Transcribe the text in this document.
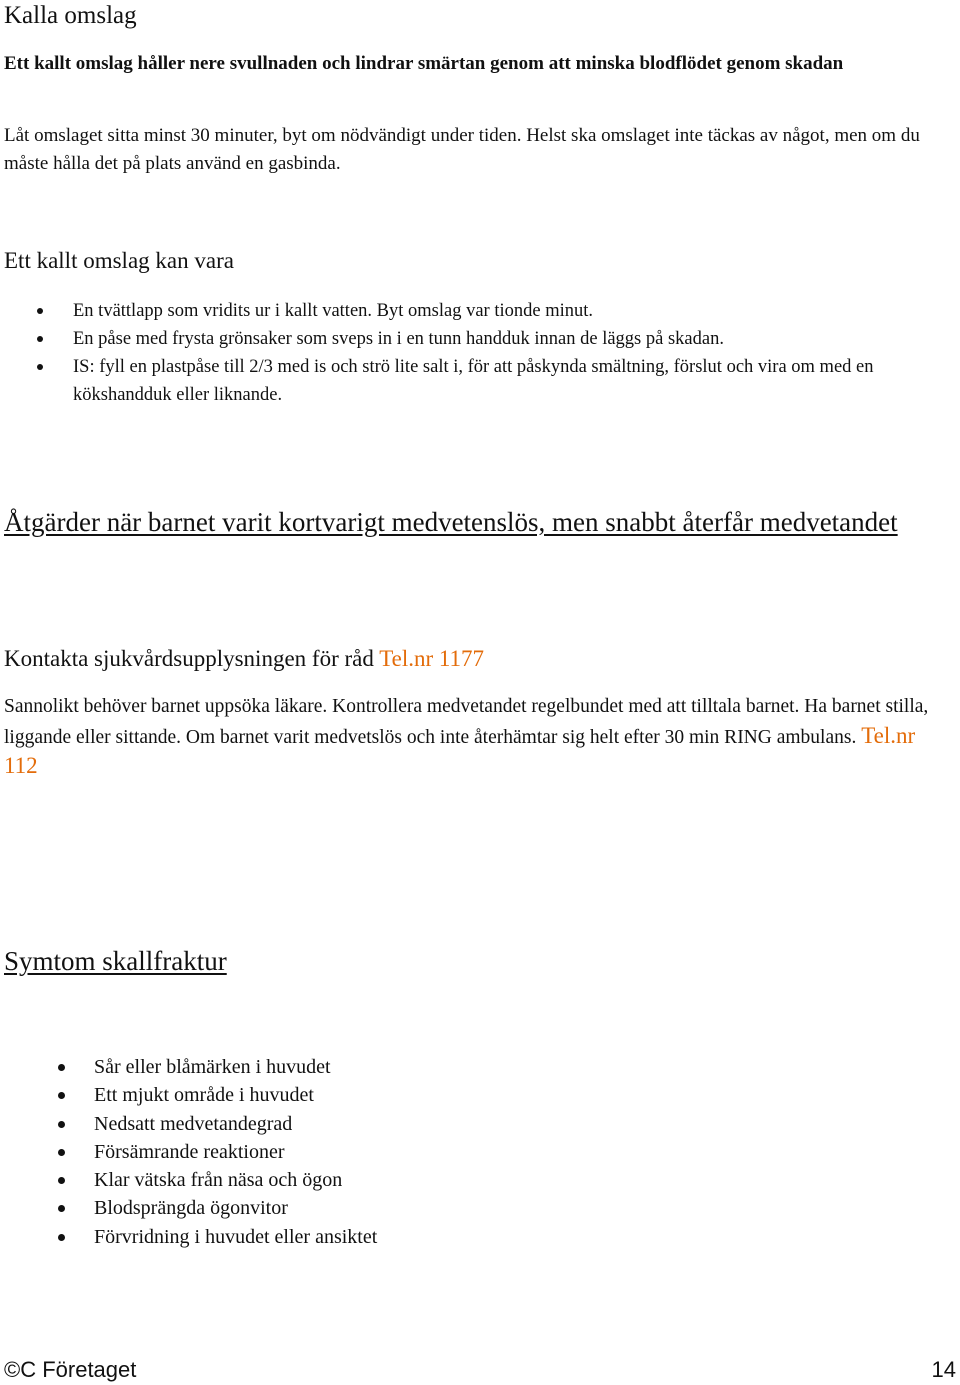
Kalla omslag

Ett kallt omslag håller nere svullnaden och lindrar smärtan genom att minska blodflödet genom skadan

Låt omslaget sitta minst 30 minuter, byt om nödvändigt under tiden. Helst ska omslaget inte täckas av något, men om du måste hålla det på plats använd en gasbinda.

Ett kallt omslag kan vara
En tvättlapp som vridits ur i kallt vatten. Byt omslag var tionde minut.
En påse med frysta grönsaker som sveps in i en tunn handduk innan de läggs på skadan.
IS: fyll en plastpåse till 2/3 med is och strö lite salt i, för att påskynda smältning, förslut och vira om med en kökshandduk eller liknande.
Åtgärder när barnet varit kortvarigt medvetenslös, men snabbt återfår medvetandet

Kontakta sjukvårdsupplysningen för råd Tel.nr 1177

Sannolikt behöver barnet uppsöka läkare. Kontrollera medvetandet regelbundet med att tilltala barnet. Ha barnet stilla, liggande eller sittande. Om barnet varit medvetslös och inte återhämtar sig helt efter 30 min RING ambulans. Tel.nr 112

Symtom skallfraktur
Sår eller blåmärken i huvudet
Ett mjukt område i huvudet
Nedsatt medvetandegrad
Försämrande reaktioner
Klar vätska från näsa och ögon
Blodsprängda ögonvitor
Förvridning i huvudet eller ansiktet
©C Företaget	14
